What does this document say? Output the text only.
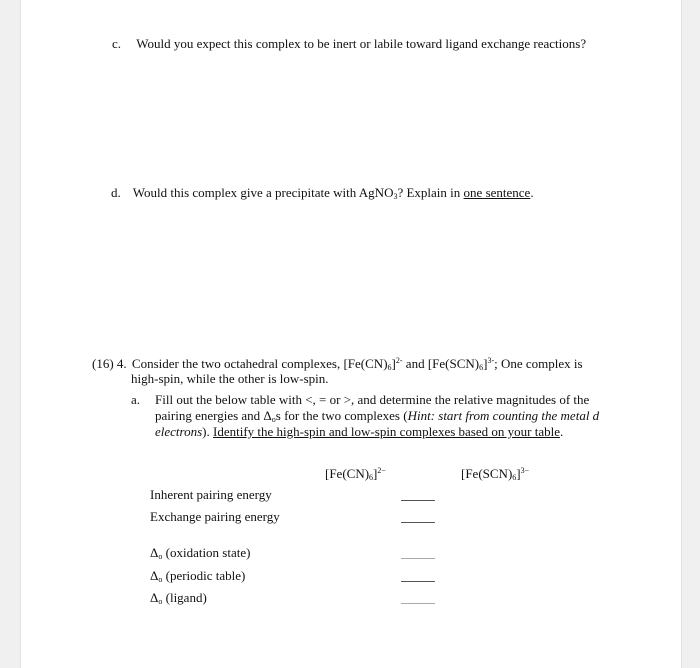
c. Would you expect this complex to be inert or labile toward ligand exchange reactions?
d. Would this complex give a precipitate with AgNO$_3$? Explain in one sentence.
(16) 4. Consider the two octahedral complexes, $[Fe(CN)_6]^{2-}$ and $[Fe(SCN)_6]^{3-}$; One complex is
high-spin, while the other is low-spin.
a. Fill out the below table with <, = or >, and determine the relative magnitudes of the
pairing energies and $\Delta_os$ for the two complexes (Hint: start from counting the metal d
electrons). Identify the high-spin and low-spin complexes based on your table.
$[Fe(CN)_6]^{2-}$	$[Fe(SCN)_6]^{3-}$
Inherent pairing energy
Exchange pairing energy
$\Delta_o$ (oxidation state)
$\Delta_o$ (periodic table)
$\Delta_o$ (ligand)
